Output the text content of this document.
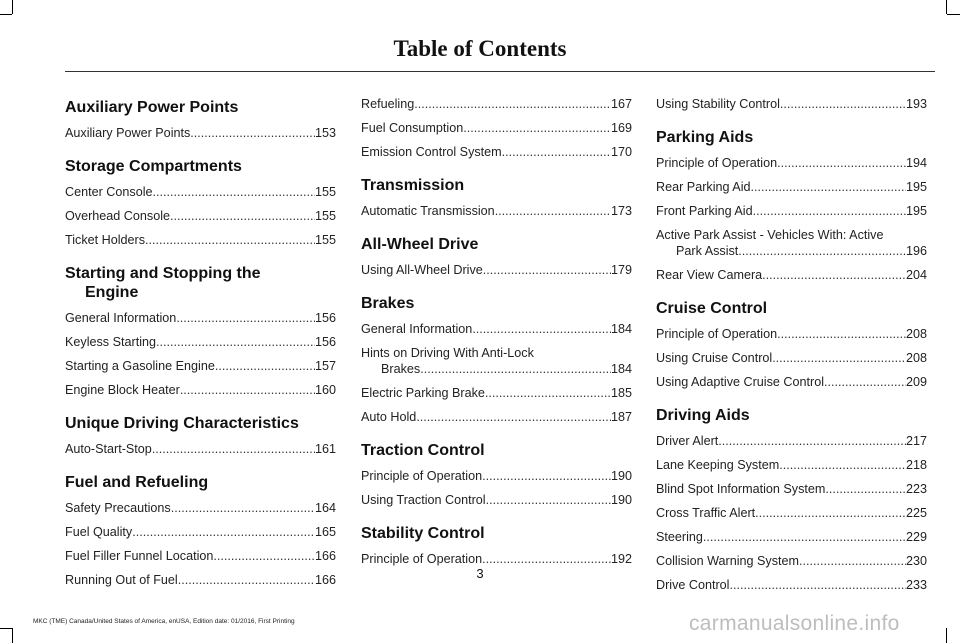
Table of Contents
Auxiliary Power Points
Auxiliary Power Points .....	153
Storage Compartments
Center Console .....	155
Overhead Console .....	155
Ticket Holders .....	155
Starting and Stopping the
Engine
General Information .....	156
Keyless Starting .....	156
Starting a Gasoline Engine .....	157
Engine Block Heater .....	160
Unique Driving Characteristics
Auto-Start-Stop .....	161
Fuel and Refueling
Safety Precautions .....	164
Fuel Quality .....	165
Fuel Filler Funnel Location .....	166
Running Out of Fuel .....	166
Refueling .....	167
Fuel Consumption .....	169
Emission Control System .....	170
Transmission
Automatic Transmission .....	173
All-Wheel Drive
Using All-Wheel Drive .....	179
Brakes
General Information .....	184
Hints on Driving With Anti-Lock
Brakes .....	184
Electric Parking Brake .....	185
Auto Hold .....	187
Traction Control
Principle of Operation .....	190
Using Traction Control .....	190
Stability Control
Principle of Operation .....	192
Using Stability Control .....	193
Parking Aids
Principle of Operation .....	194
Rear Parking Aid .....	195
Front Parking Aid .....	195
Active Park Assist - Vehicles With: Active
Park Assist .....	196
Rear View Camera .....	204
Cruise Control
Principle of Operation .....	208
Using Cruise Control .....	208
Using Adaptive Cruise Control .....	209
Driving Aids
Driver Alert .....	217
Lane Keeping System .....	218
Blind Spot Information System .....	223
Cross Traffic Alert .....	225
Steering .....	229
Collision Warning System .....	230
Drive Control .....	233
3
MKC (TME) Canada/United States of America, enUSA, Edition date: 01/2016, First Printing	carmanualsonline.info
